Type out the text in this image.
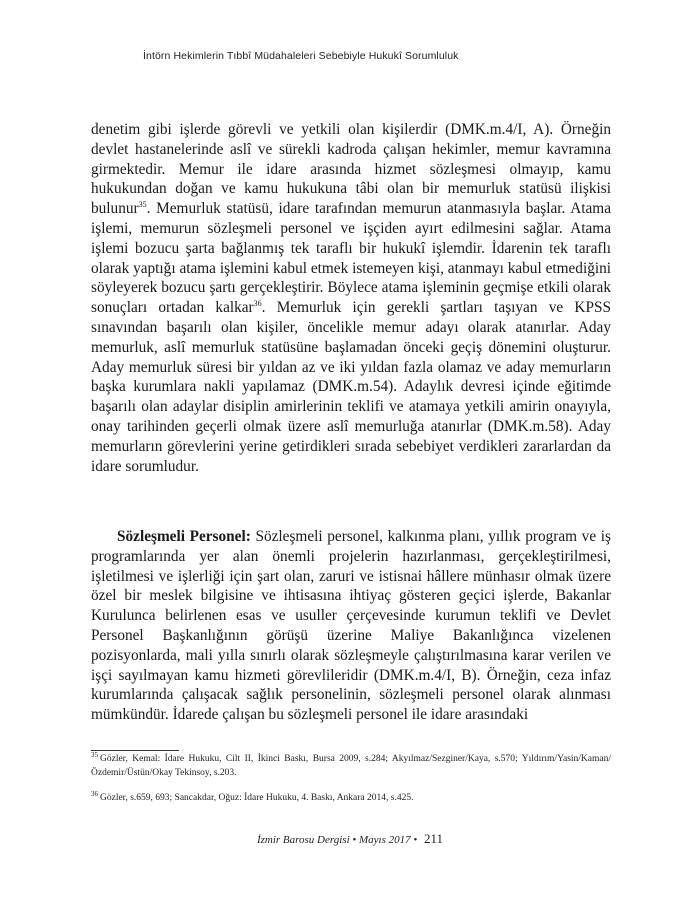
İntörn Hekimlerin Tıbbî Müdahaleleri Sebebiyle Hukukî Sorumluluk

denetim gibi işlerde görevli ve yetkili olan kişilerdir (DMK.m.4/I, A). Örneğin devlet hastanelerinde aslî ve sürekli kadroda çalışan hekimler, memur kavramına girmektedir. Memur ile idare arasında hizmet sözleşmesi olmayıp, kamu hukukundan doğan ve kamu hukukuna tâbi olan bir memurluk statüsü ilişkisi bulunur$^{35}$. Memurluk statüsü, idare tarafından memurun atanmasıyla başlar. Atama işlemi, memurun sözleşmeli personel ve işçiden ayırt edilmesini sağlar. Atama işlemi bozucu şarta bağlanmış tek taraflı bir hukukî işlemdir. İdarenin tek taraflı olarak yaptığı atama işlemini kabul etmek istemeyen kişi, atanmayı kabul etmediğini söyleyerek bozucu şartı gerçekleştirir. Böylece atama işleminin geçmişe etkili olarak sonuçları ortadan kalkar$^{36}$. Memurluk için gerekli şartları taşıyan ve KPSS sınavından başarılı olan kişiler, öncelikle memur adayı olarak atanırlar. Aday memurluk, aslî memurluk statüsüne başlamadan önceki geçiş dönemini oluşturur. Aday memurluk süresi bir yıldan az ve iki yıldan fazla olamaz ve aday memurların başka kurumlara nakli yapılamaz (DMK.m.54). Adaylık devresi içinde eğitimde başarılı olan adaylar disiplin amirlerinin teklifi ve atamaya yetkili amirin onayıyla, onay tarihinden geçerli olmak üzere aslî memurluğa atanırlar (DMK.m.58). Aday memurların görevlerini yerine getirdikleri sırada sebebiyet verdikleri zararlardan da idare sorumludur.

Sözleşmeli Personel: Sözleşmeli personel, kalkınma planı, yıllık program ve iş programlarında yer alan önemli projelerin hazırlanması, gerçekleştirilmesi, işletilmesi ve işlerliği için şart olan, zaruri ve istisnai hâllere münhasır olmak üzere özel bir meslek bilgisine ve ihtisasına ihtiyaç gösteren geçici işlerde, Bakanlar Kurulunca belirlenen esas ve usuller çerçevesinde kurumun teklifi ve Devlet Personel Başkanlığının görüşü üzerine Maliye Bakanlığınca vizelenen pozisyonlarda, mali yılla sınırlı olarak sözleşmeyle çalıştırılmasına karar verilen ve işçi sayılmayan kamu hizmeti görevlileridir (DMK.m.4/I, B). Örneğin, ceza infaz kurumlarında çalışacak sağlık personelinin, sözleşmeli personel olarak alınması mümkündür. İdarede çalışan bu sözleşmeli personel ile idare arasındaki

$^{35}$ Gözler, Kemal: İdare Hukuku, Cilt II, İkinci Baskı, Bursa 2009, s.284; Akyılmaz/Sezginer/Kaya, s.570; Yıldırım/Yasin/Kaman/Özdemir/Üstün/Okay Tekinsoy, s.203.

$^{36}$ Gözler, s.659, 693; Sancakdar, Oğuz: İdare Hukuku, 4. Baskı, Ankara 2014, s.425.

İzmir Barosu Dergisi • Mayıs 2017 • 211
